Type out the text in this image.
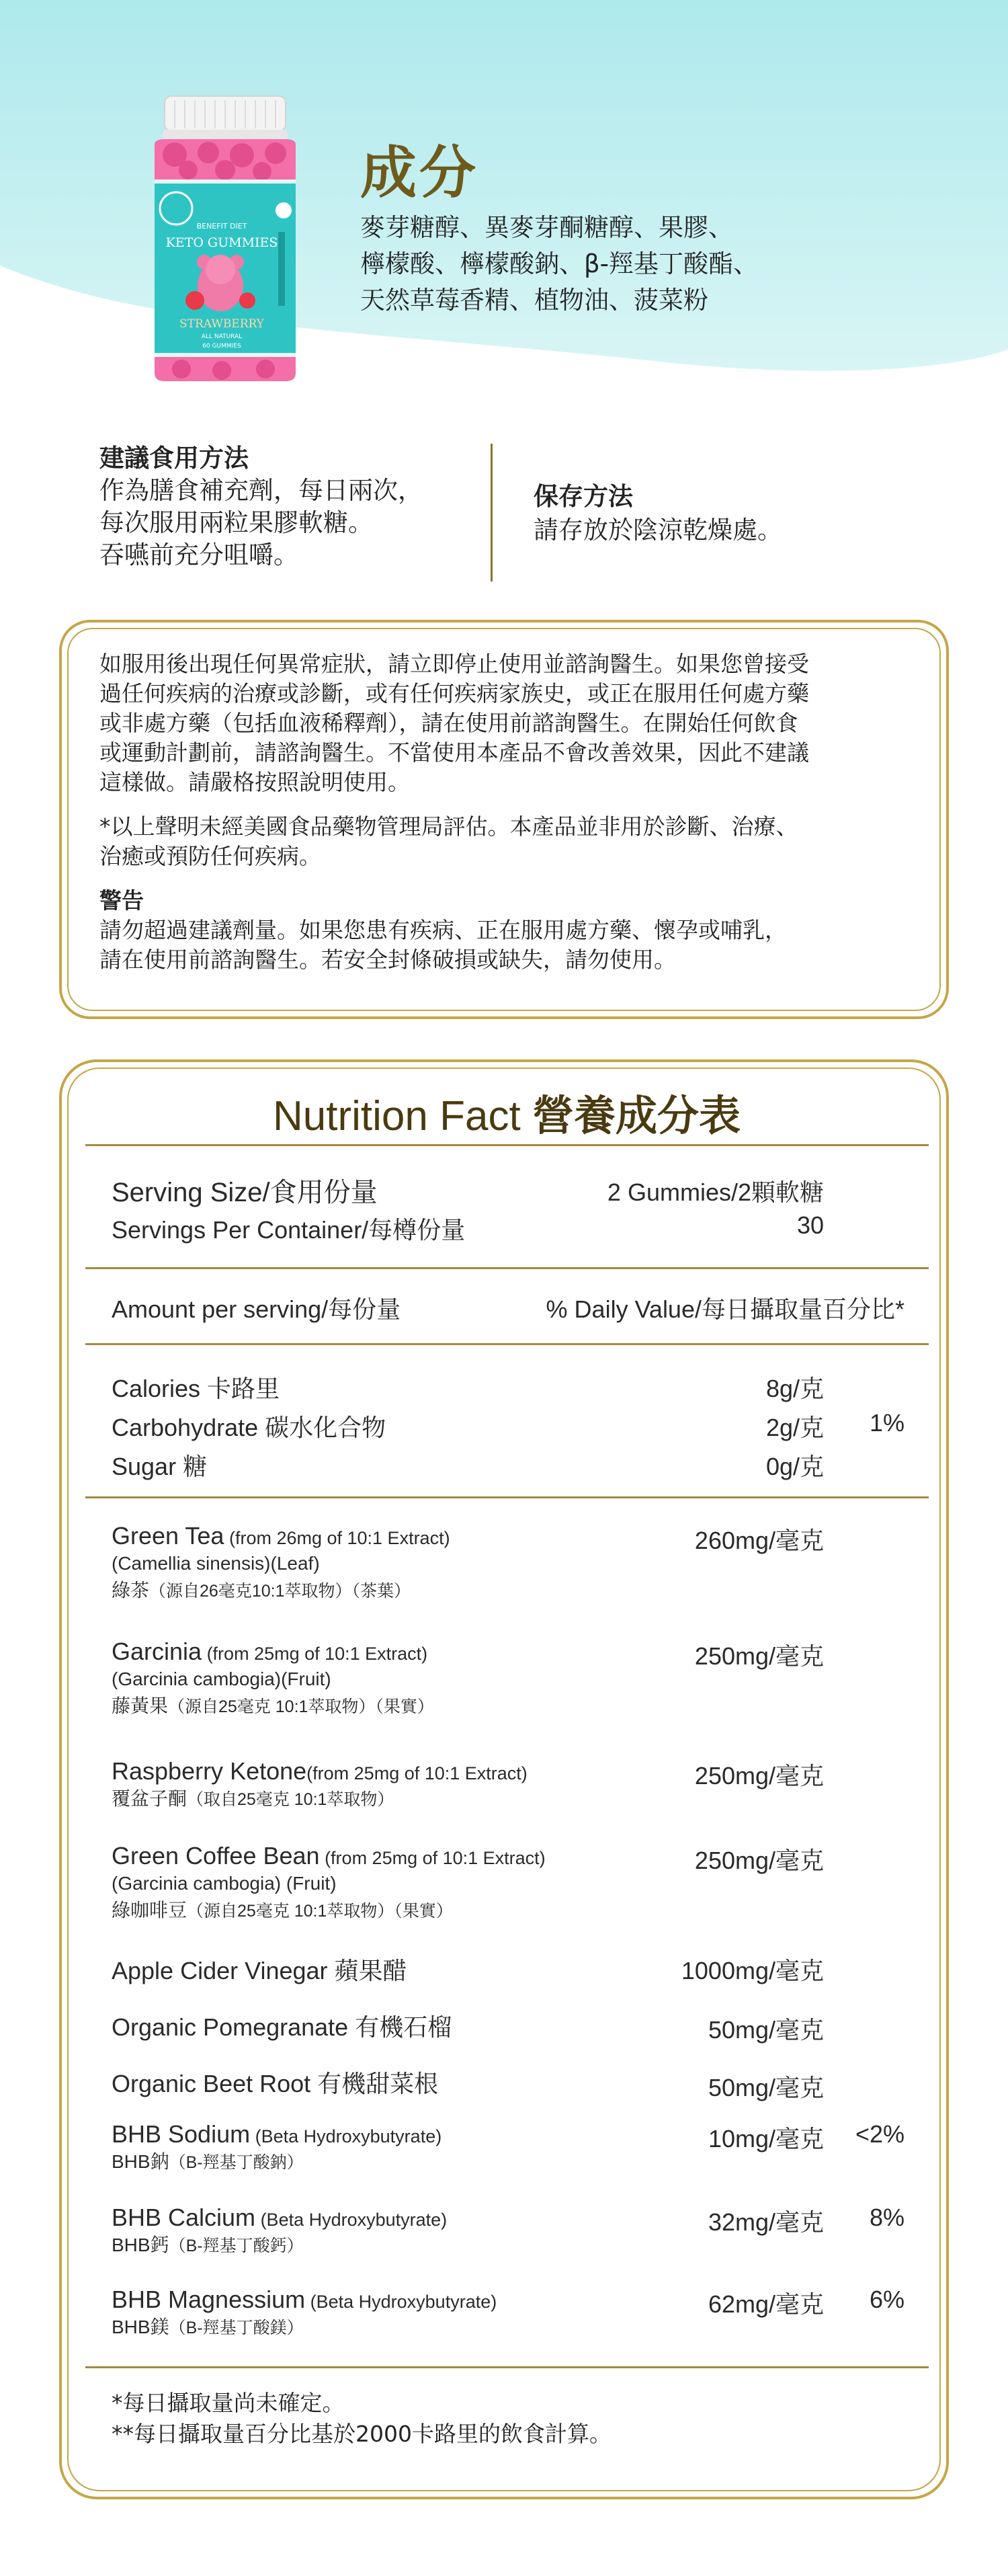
BENEFIT DIET
KETO GUMMIES
STRAWBERRY
ALL NATURAL
60 GUMMIES
成分
麥芽糖醇、異麥芽酮糖醇、果膠、
檸檬酸、檸檬酸鈉、β-羥基丁酸酯、
天然草莓香精、植物油、菠菜粉
建議食用方法
作為膳食補充劑，每日兩次，
每次服用兩粒果膠軟糖。
吞嚥前充分咀嚼。
保存方法
請存放於陰涼乾燥處。

如服用後出現任何異常症狀，請立即停止使用並諮詢醫生。如果您曾接受
過任何疾病的治療或診斷，或有任何疾病家族史，或正在服用任何處方藥
或非處方藥（包括血液稀釋劑），請在使用前諮詢醫生。在開始任何飲食
或運動計劃前，請諮詢醫生。不當使用本產品不會改善效果，因此不建議
這樣做。請嚴格按照說明使用。

*以上聲明未經美國食品藥物管理局評估。本產品並非用於診斷、治療、
治癒或預防任何疾病。

警告
請勿超過建議劑量。如果您患有疾病、正在服用處方藥、懷孕或哺乳，
請在使用前諮詢醫生。若安全封條破損或缺失，請勿使用。

Nutrition Fact 營養成分表
Serving Size/食用份量	2 Gummies/2顆軟糖
Servings Per Container/每樽份量	30
Amount per serving/每份量	% Daily Value/每日攝取量百分比*
Calories 卡路里	8g/克
Carbohydrate 碳水化合物	2g/克 1%
Sugar 糖	0g/克
Green Tea (from 26mg of 10:1 Extract)
(Camellia sinensis)(Leaf)
綠茶（源自26毫克10:1萃取物）（茶葉）
260mg/毫克
Garcinia (from 25mg of 10:1 Extract)
(Garcinia cambogia)(Fruit)
藤黃果（源自25毫克 10:1萃取物）（果實）
250mg/毫克
Raspberry Ketone(from 25mg of 10:1 Extract)
覆盆子酮（取自25毫克 10:1萃取物）
250mg/毫克
Green Coffee Bean (from 25mg of 10:1 Extract)
(Garcinia cambogia) (Fruit)
綠咖啡豆（源自25毫克 10:1萃取物）（果實）
250mg/毫克
Apple Cider Vinegar 蘋果醋	1000mg/毫克
Organic Pomegranate 有機石榴	50mg/毫克
Organic Beet Root 有機甜菜根	50mg/毫克
BHB Sodium (Beta Hydroxybutyrate)
BHB鈉（Β-羥基丁酸鈉）
10mg/毫克 <2%
BHB Calcium (Beta Hydroxybutyrate)
BHB鈣（Β-羥基丁酸鈣）
32mg/毫克 8%
BHB Magnessium (Beta Hydroxybutyrate)
BHB鎂（Β-羥基丁酸鎂）
62mg/毫克 6%
*每日攝取量尚未確定。
**每日攝取量百分比基於2000卡路里的飲食計算。
